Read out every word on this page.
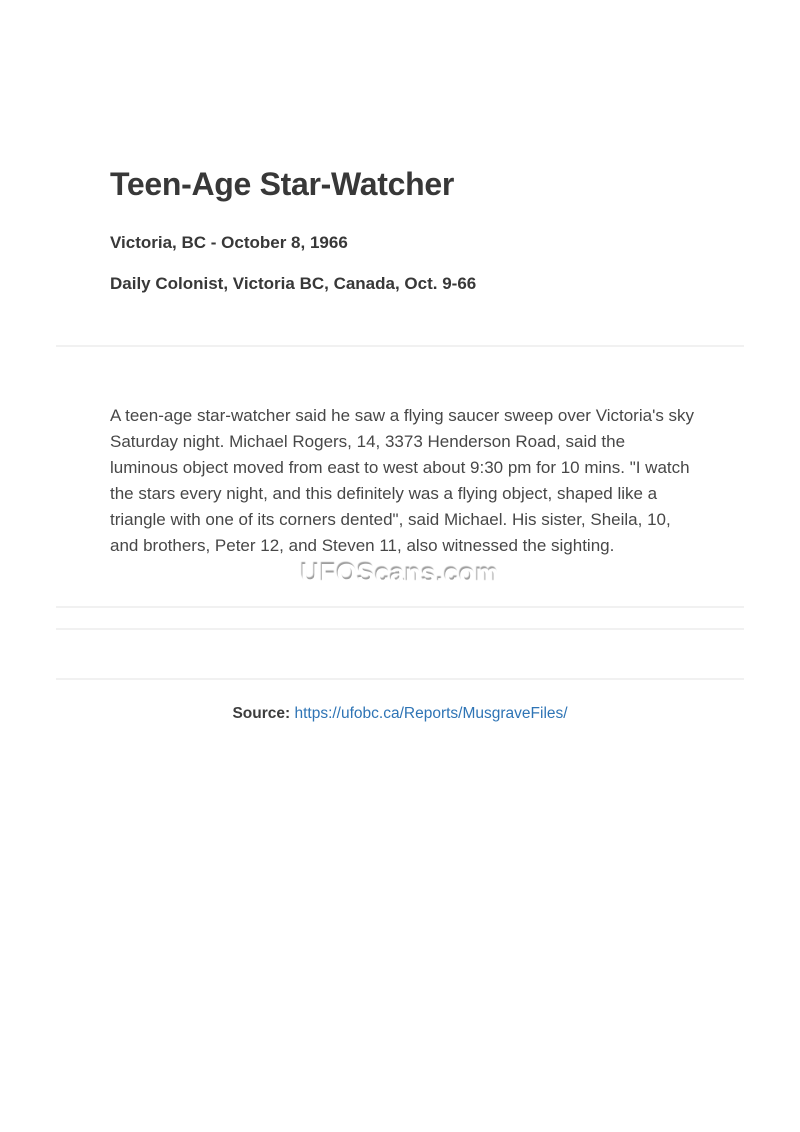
Teen-Age Star-Watcher

Victoria, BC - October 8, 1966

Daily Colonist, Victoria BC, Canada, Oct. 9-66

A teen-age star-watcher said he saw a flying saucer sweep over Victoria's sky Saturday night. Michael Rogers, 14, 3373 Henderson Road, said the luminous object moved from east to west about 9:30 pm for 10 mins. "I watch the stars every night, and this definitely was a flying object, shaped like a triangle with one of its corners dented", said Michael. His sister, Sheila, 10, and brothers, Peter 12, and Steven 11, also witnessed the sighting.

UFOScans.com

Source: https://ufobc.ca/Reports/MusgraveFiles/
